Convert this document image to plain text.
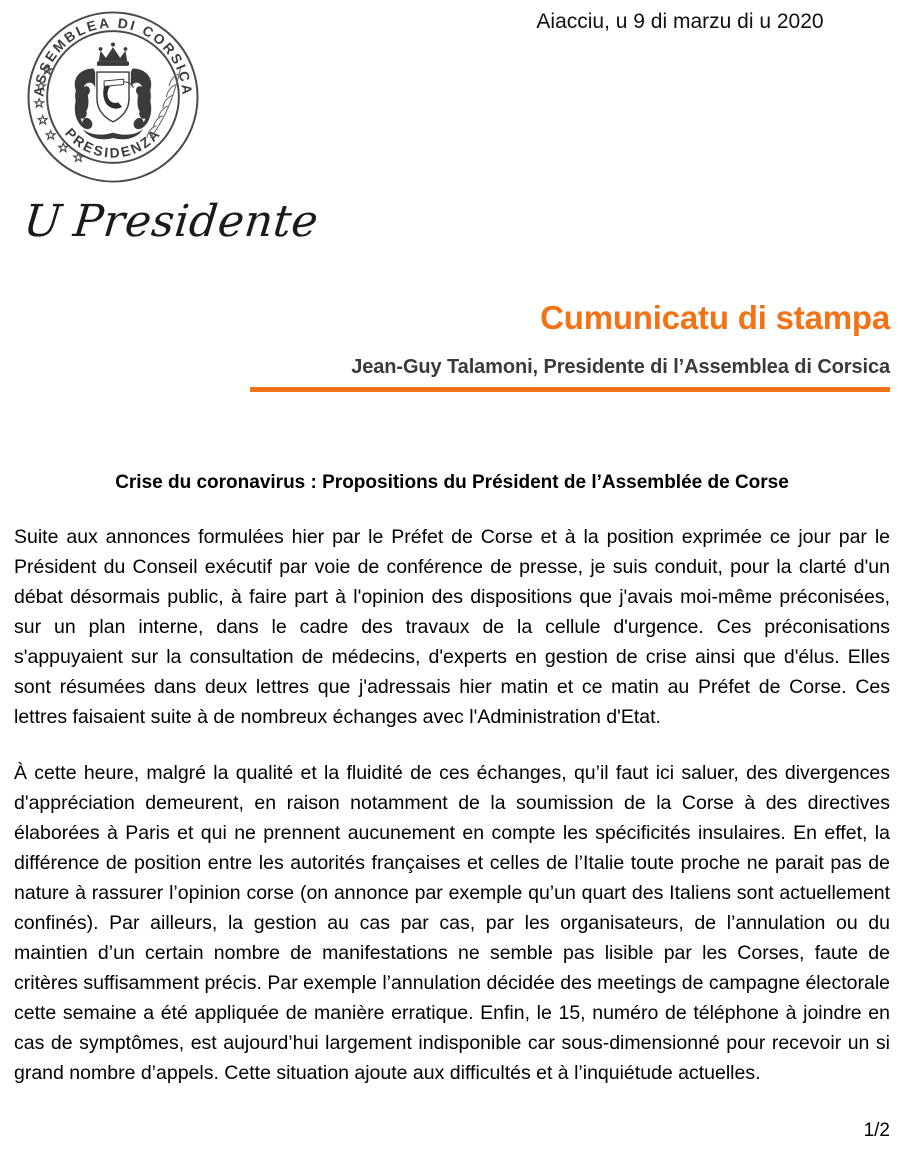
ASSEMBLEA DI CORSICA
PRESIDENZA
U Presidente
Aiacciu, u 9 di marzu di u 2020
Cumunicatu di stampa
Jean-Guy Talamoni, Presidente di l’Assemblea di Corsica
Crise du coronavirus : Propositions du Président de l’Assemblée de Corse

Suite aux annonces formulées hier par le Préfet de Corse et à la position exprimée ce jour par le Président du Conseil exécutif par voie de conférence de presse, je suis conduit, pour la clarté d'un débat désormais public, à faire part à l'opinion des dispositions que j'avais moi-même préconisées, sur un plan interne, dans le cadre des travaux de la cellule d'urgence. Ces préconisations s'appuyaient sur la consultation de médecins, d'experts en gestion de crise ainsi que d'élus. Elles sont résumées dans deux lettres que j'adressais hier matin et ce matin au Préfet de Corse. Ces lettres faisaient suite à de nombreux échanges avec l'Administration d'Etat.

À cette heure, malgré la qualité et la fluidité de ces échanges, qu’il faut ici saluer, des divergences d'appréciation demeurent, en raison notamment de la soumission de la Corse à des directives élaborées à Paris et qui ne prennent aucunement en compte les spécificités insulaires. En effet, la différence de position entre les autorités françaises et celles de l’Italie toute proche ne parait pas de nature à rassurer l’opinion corse (on annonce par exemple qu’un quart des Italiens sont actuellement confinés). Par ailleurs, la gestion au cas par cas, par les organisateurs, de l’annulation ou du maintien d’un certain nombre de manifestations ne semble pas lisible par les Corses, faute de critères suffisamment précis. Par exemple l’annulation décidée des meetings de campagne électorale cette semaine a été appliquée de manière erratique. Enfin, le 15, numéro de téléphone à joindre en cas de symptômes, est aujourd’hui largement indisponible car sous-dimensionné pour recevoir un si grand nombre d’appels. Cette situation ajoute aux difficultés et à l’inquiétude actuelles.

1/2
